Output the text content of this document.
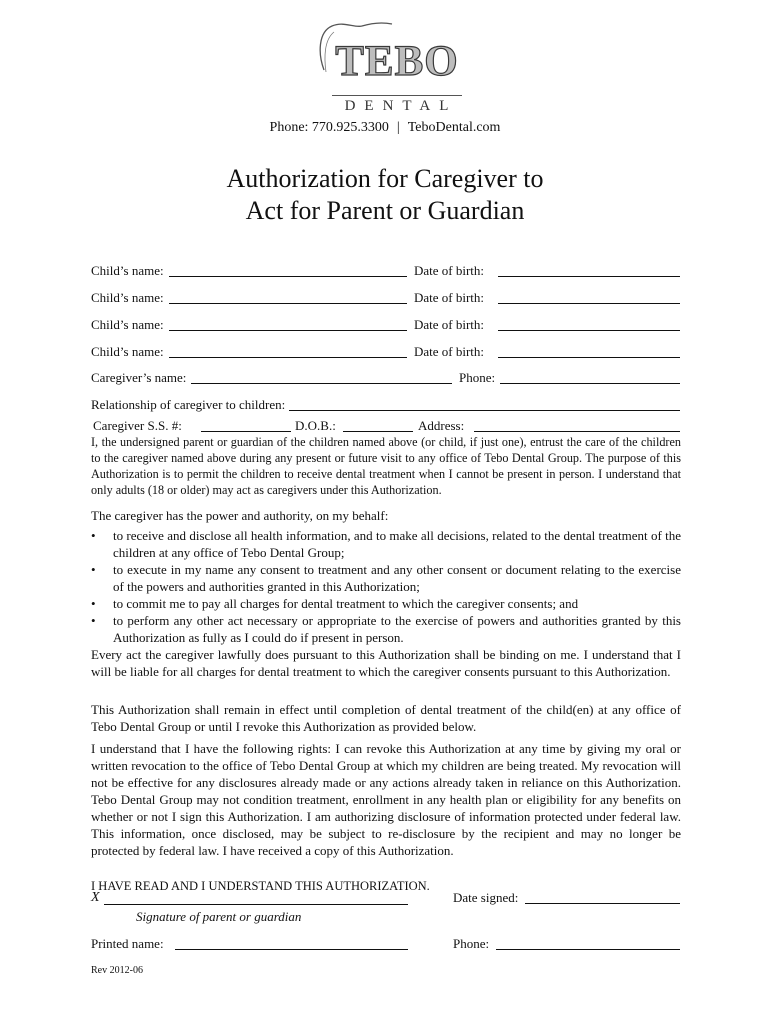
TEBO
DENTAL
Phone: 770.925.3300 | TeboDental.com
Authorization for Caregiver to
Act for Parent or Guardian
Child’s name:	Date of birth:
Child’s name:	Date of birth:
Child’s name:	Date of birth:
Child’s name:	Date of birth:
Caregiver’s name:	Phone:
Relationship of caregiver to children:
Caregiver S.S. #:	D.O.B.:	Address:
I, the undersigned parent or guardian of the children named above (or child, if just one), entrust the care of the children to the caregiver named above during any present or future visit to any office of Tebo Dental Group. The purpose of this Authorization is to permit the children to receive dental treatment when I cannot be present in person. I understand that only adults (18 or older) may act as caregivers under this Authorization.
The caregiver has the power and authority, on my behalf:
• to receive and disclose all health information, and to make all decisions, related to the dental treatment of the children at any office of Tebo Dental Group;
• to execute in my name any consent to treatment and any other consent or document relating to the exercise of the powers and authorities granted in this Authorization;
• to commit me to pay all charges for dental treatment to which the caregiver consents; and
• to perform any other act necessary or appropriate to the exercise of powers and authorities granted by this Authorization as fully as I could do if present in person.
Every act the caregiver lawfully does pursuant to this Authorization shall be binding on me. I understand that I will be liable for all charges for dental treatment to which the caregiver consents pursuant to this Authorization.
This Authorization shall remain in effect until completion of dental treatment of the child(en) at any office of Tebo Dental Group or until I revoke this Authorization as provided below.
I understand that I have the following rights: I can revoke this Authorization at any time by giving my oral or written revocation to the office of Tebo Dental Group at which my children are being treated. My revocation will not be effective for any disclosures already made or any actions already taken in reliance on this Authorization. Tebo Dental Group may not condition treatment, enrollment in any health plan or eligibility for any benefits on whether or not I sign this Authorization. I am authorizing disclosure of information protected under federal law. This information, once disclosed, may be subject to re-disclosure by the recipient and may no longer be protected by federal law. I have received a copy of this Authorization.
I HAVE READ AND I UNDERSTAND THIS AUTHORIZATION.
X	Date signed:
Signature of parent or guardian
Printed name:	Phone:
Rev 2012-06
